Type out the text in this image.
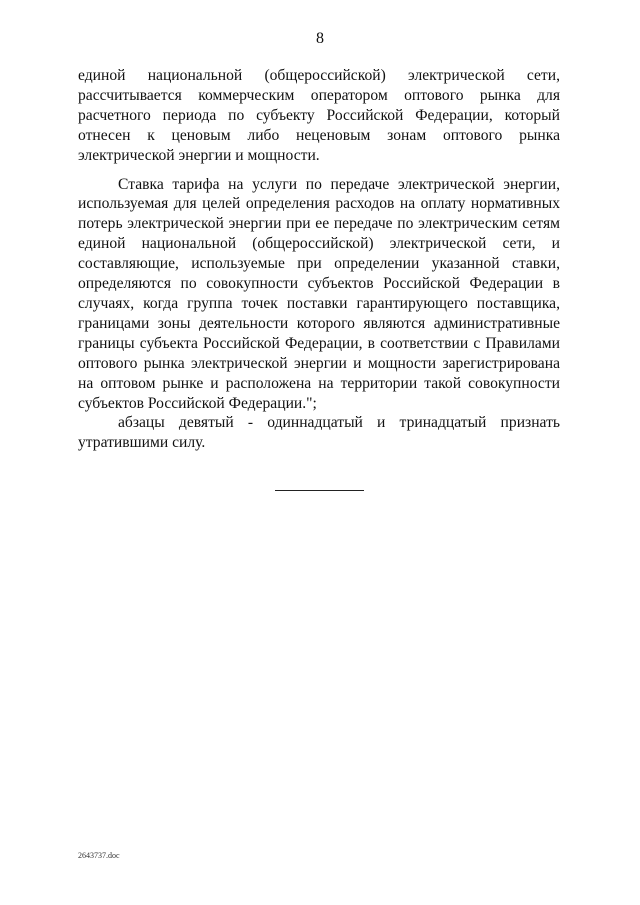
8

единой национальной (общероссийской) электрической сети, рассчитывается коммерческим оператором оптового рынка для расчетного периода по субъекту Российской Федерации, который отнесен к ценовым либо неценовым зонам оптового рынка электрической энергии и мощности.

Ставка тарифа на услуги по передаче электрической энергии, используемая для целей определения расходов на оплату нормативных потерь электрической энергии при ее передаче по электрическим сетям единой национальной (общероссийской) электрической сети, и составляющие, используемые при определении указанной ставки, определяются по совокупности субъектов Российской Федерации в случаях, когда группа точек поставки гарантирующего поставщика, границами зоны деятельности которого являются административные границы субъекта Российской Федерации, в соответствии с Правилами оптового рынка электрической энергии и мощности зарегистрирована на оптовом рынке и расположена на территории такой совокупности субъектов Российской Федерации.";

абзацы девятый - одиннадцатый и тринадцатый признать утратившими силу.

2643737.doc
